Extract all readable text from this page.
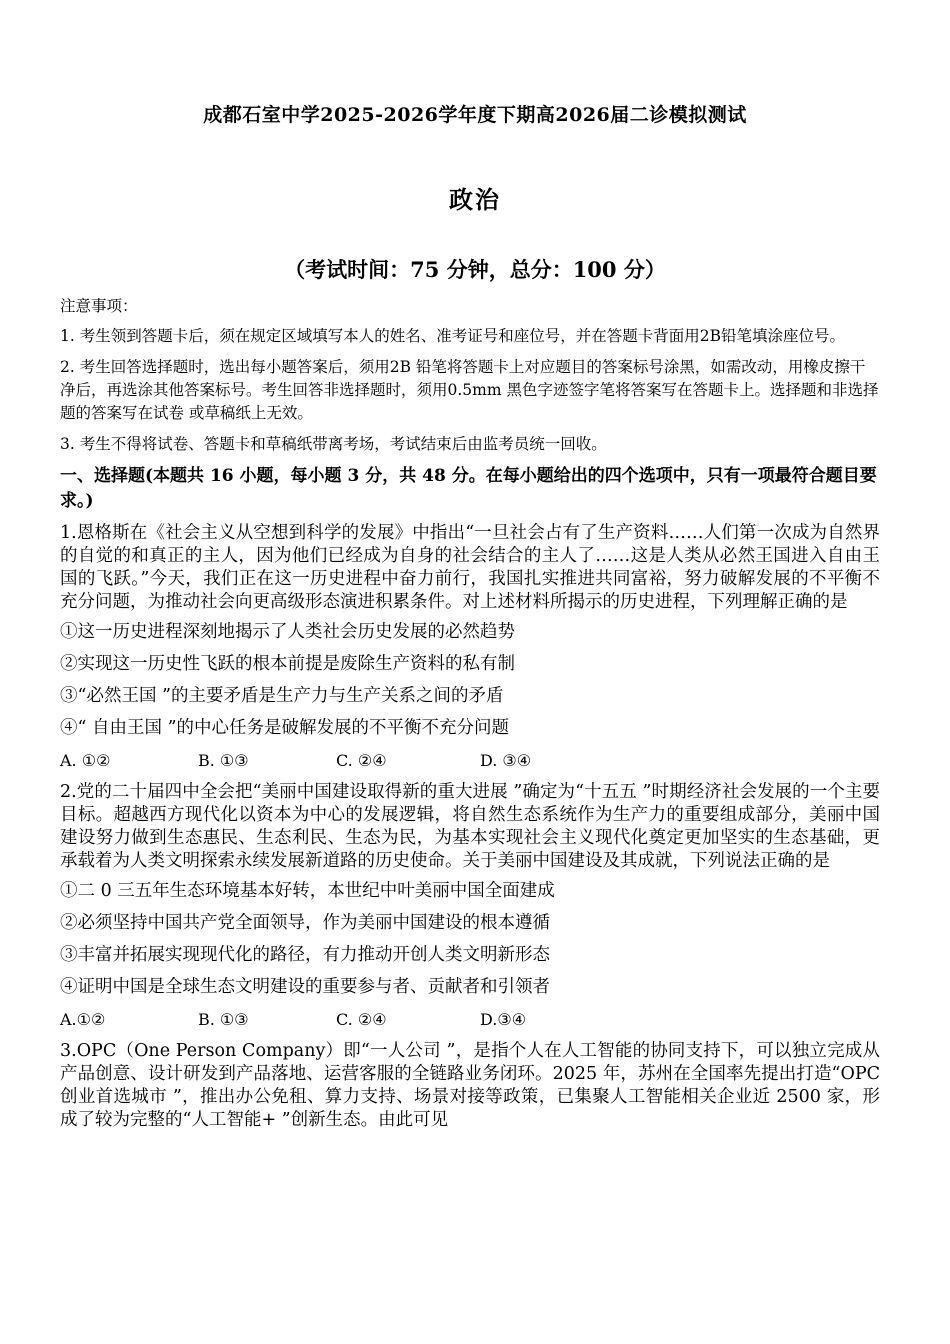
成都石室中学2025-2026学年度下期高2026届二诊模拟测试
政治
（考试时间：75 分钟，总分：100 分）
注意事项：
1. 考生领到答题卡后，须在规定区域填写本人的姓名、准考证号和座位号，并在答题卡背面用2B铅笔填涂座位号。
2. 考生回答选择题时，选出每小题答案后，须用2B 铅笔将答题卡上对应题目的答案标号涂黑，如需改动，用橡皮擦干净后，再选涂其他答案标号。考生回答非选择题时，须用0.5mm 黑色字迹签字笔将答案写在答题卡上。选择题和非选择题的答案写在试卷 或草稿纸上无效。
3. 考生不得将试卷、答题卡和草稿纸带离考场，考试结束后由监考员统一回收。
一、选择题(本题共 16 小题，每小题 3 分，共 48 分。在每小题给出的四个选项中，只有一项最符合题目要求。)
1.恩格斯在《社会主义从空想到科学的发展》中指出“一旦社会占有了生产资料……人们第一次成为自然界的自觉的和真正的主人，因为他们已经成为自身的社会结合的主人了……这是人类从必然王国进入自由王国的飞跃。”今天，我们正在这一历史进程中奋力前行，我国扎实推进共同富裕，努力破解发展的不平衡不充分问题，为推动社会向更高级形态演进积累条件。对上述材料所揭示的历史进程，下列理解正确的是
①这一历史进程深刻地揭示了人类社会历史发展的必然趋势
②实现这一历史性飞跃的根本前提是废除生产资料的私有制
③“必然王国 ”的主要矛盾是生产力与生产关系之间的矛盾
④“ 自由王国 ”的中心任务是破解发展的不平衡不充分问题
A. ①②	B. ①③	C. ②④	D. ③④
2.党的二十届四中全会把“美丽中国建设取得新的重大进展 ”确定为“十五五 ”时期经济社会发展的一个主要目标。超越西方现代化以资本为中心的发展逻辑，将自然生态系统作为生产力的重要组成部分，美丽中国建设努力做到生态惠民、生态利民、生态为民，为基本实现社会主义现代化奠定更加坚实的生态基础，更承载着为人类文明探索永续发展新道路的历史使命。关于美丽中国建设及其成就，下列说法正确的是
①二 0 三五年生态环境基本好转，本世纪中叶美丽中国全面建成
②必须坚持中国共产党全面领导，作为美丽中国建设的根本遵循
③丰富并拓展实现现代化的路径，有力推动开创人类文明新形态
④证明中国是全球生态文明建设的重要参与者、贡献者和引领者
A.①②	B. ①③	C. ②④	D.③④
3.OPC（One Person Company）即“一人公司 ”，是指个人在人工智能的协同支持下，可以独立完成从产品创意、设计研发到产品落地、运营客服的全链路业务闭环。2025 年，苏州在全国率先提出打造“OPC 创业首选城市 ”，推出办公免租、算力支持、场景对接等政策，已集聚人工智能相关企业近 2500 家，形成了较为完整的“人工智能+ ”创新生态。由此可见
